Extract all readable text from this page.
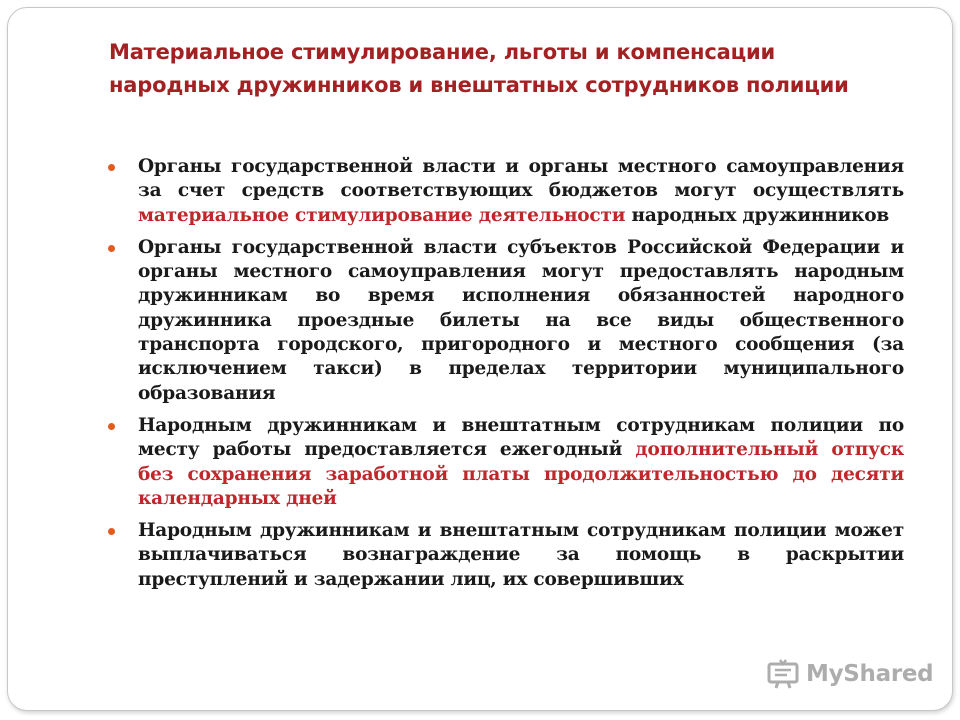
Материальное стимулирование, льготы и компенсации
народных дружинников и внештатных сотрудников полиции

Органы государственной власти и органы местного самоуправления за счет средств соответствующих бюджетов могут осуществлять материальное стимулирование деятельности народных дружинников

Органы государственной власти субъектов Российской Федерации и органы местного самоуправления могут предоставлять народным дружинникам во время исполнения обязанностей народного дружинника проездные билеты на все виды общественного транспорта городского, пригородного и местного сообщения (за исключением такси) в пределах территории муниципального образования

Народным дружинникам и внештатным сотрудникам полиции по месту работы предоставляется ежегодный дополнительный отпуск без сохранения заработной платы продолжительностью до десяти календарных дней

Народным дружинникам и внештатным сотрудникам полиции может выплачиваться вознаграждение за помощь в раскрытии преступлений и задержании лиц, их совершивших

MyShared
